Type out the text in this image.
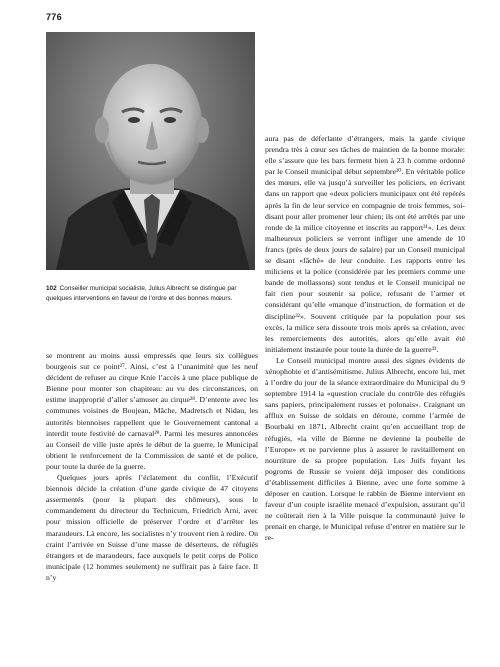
776
102 Conseiller municipal socialiste, Julius Albrecht se distingue par quelques interventions en faveur de l’ordre et des bonnes mœurs.

se montrent au moins aussi empressés que leurs six collègues bourgeois sur ce point²⁷. Ainsi, c’est à l’unanimité que les neuf décident de refuser au cirque Knie l’accès à une place publique de Bienne pour monter son chapiteau: au vu des circonstances, on estime inapproprié d’aller s’amuser au cirque²⁸. D’entente avec les communes voisines de Boujean, Mâche, Madretsch et Nidau, les autorités biennoises rappellent que le Gouvernement cantonal a interdit toute festivité de carnaval²⁹. Parmi les mesures annoncées au Conseil de ville juste après le début de la guerre, le Municipal obtient le renforcement de la Commission de santé et de police, pour toute la durée de la guerre.

Quelques jours après l’éclatement du conflit, l’Exécutif biennois décide la création d’une garde civique de 47 citoyens assermentés (pour la plupart des chômeurs), sous le commandement du directeur du Technicum, Friedrich Arni, avec pour mission officielle de préserver l’ordre et d’arrêter les maraudeurs. Là encore, les socialistes n’y trouvent rien à redire. On craint l’arrivée en Suisse d’une masse de déserteurs, de réfugiés étrangers et de maraudeurs, face auxquels le petit corps de Police municipale (12 hommes seulement) ne suffirait pas à faire face. Il n’y

aura pas de déferlante d’étrangers, mais la garde civique prendra très à cœur ses tâches de maintien de la bonne morale: elle s’assure que les bars ferment bien à 23 h comme ordonné par le Conseil municipal début septembre³⁰. En véritable police des mœurs, elle va jusqu’à surveiller les policiers, en écrivant dans un rapport que «deux policiers municipaux ont été repérés après la fin de leur service en compagnie de trois femmes, soi-disant pour aller promener leur chien; ils ont été arrêtés par une ronde de la milice citoyenne et inscrits au rapport³¹». Les deux malheureux policiers se verront infliger une amende de 10 francs (près de deux jours de salaire) par un Conseil municipal se disant «fâché» de leur conduite. Les rapports entre les miliciens et la police (considérée par les premiers comme une bande de mollassons) sont tendus et le Conseil municipal ne fait rien pour soutenir sa police, refusant de l’armer et considérant qu’elle «manque d’instruction, de formation et de discipline³²». Souvent critiquée par la population pour ses excès, la milice sera dissoute trois mois après sa création, avec les remerciements des autorités, alors qu’elle avait été initialement instaurée pour toute la durée de la guerre³³.

Le Conseil municipal montre aussi des signes évidents de xénophobie et d’antisémitisme. Julius Albrecht, encore lui, met à l’ordre du jour de la séance extraordinaire du Municipal du 9 septembre 1914 la «question cruciale du contrôle des réfugiés sans papiers, principalement russes et polonais». Craignant un afflux en Suisse de soldats en déroute, comme l’armée de Bourbaki en 1871, Albrecht craint qu’en accueillant trop de réfugiés, «la ville de Bienne ne devienne la poubelle de l’Europe» et ne parvienne plus à assurer le ravitaillement en nourriture de sa propre population. Les Juifs fuyant les pogroms de Russie se voient déjà imposer des conditions d’établissement difficiles à Bienne, avec une forte somme à déposer en caution. Lorsque le rabbin de Bienne intervient en faveur d’un couple israélite menacé d’expulsion, assurant qu’il ne coûterait rien à la Ville puisque la communauté juive le prenait en charge, le Municipal refuse d’entrer en matière sur le re-
